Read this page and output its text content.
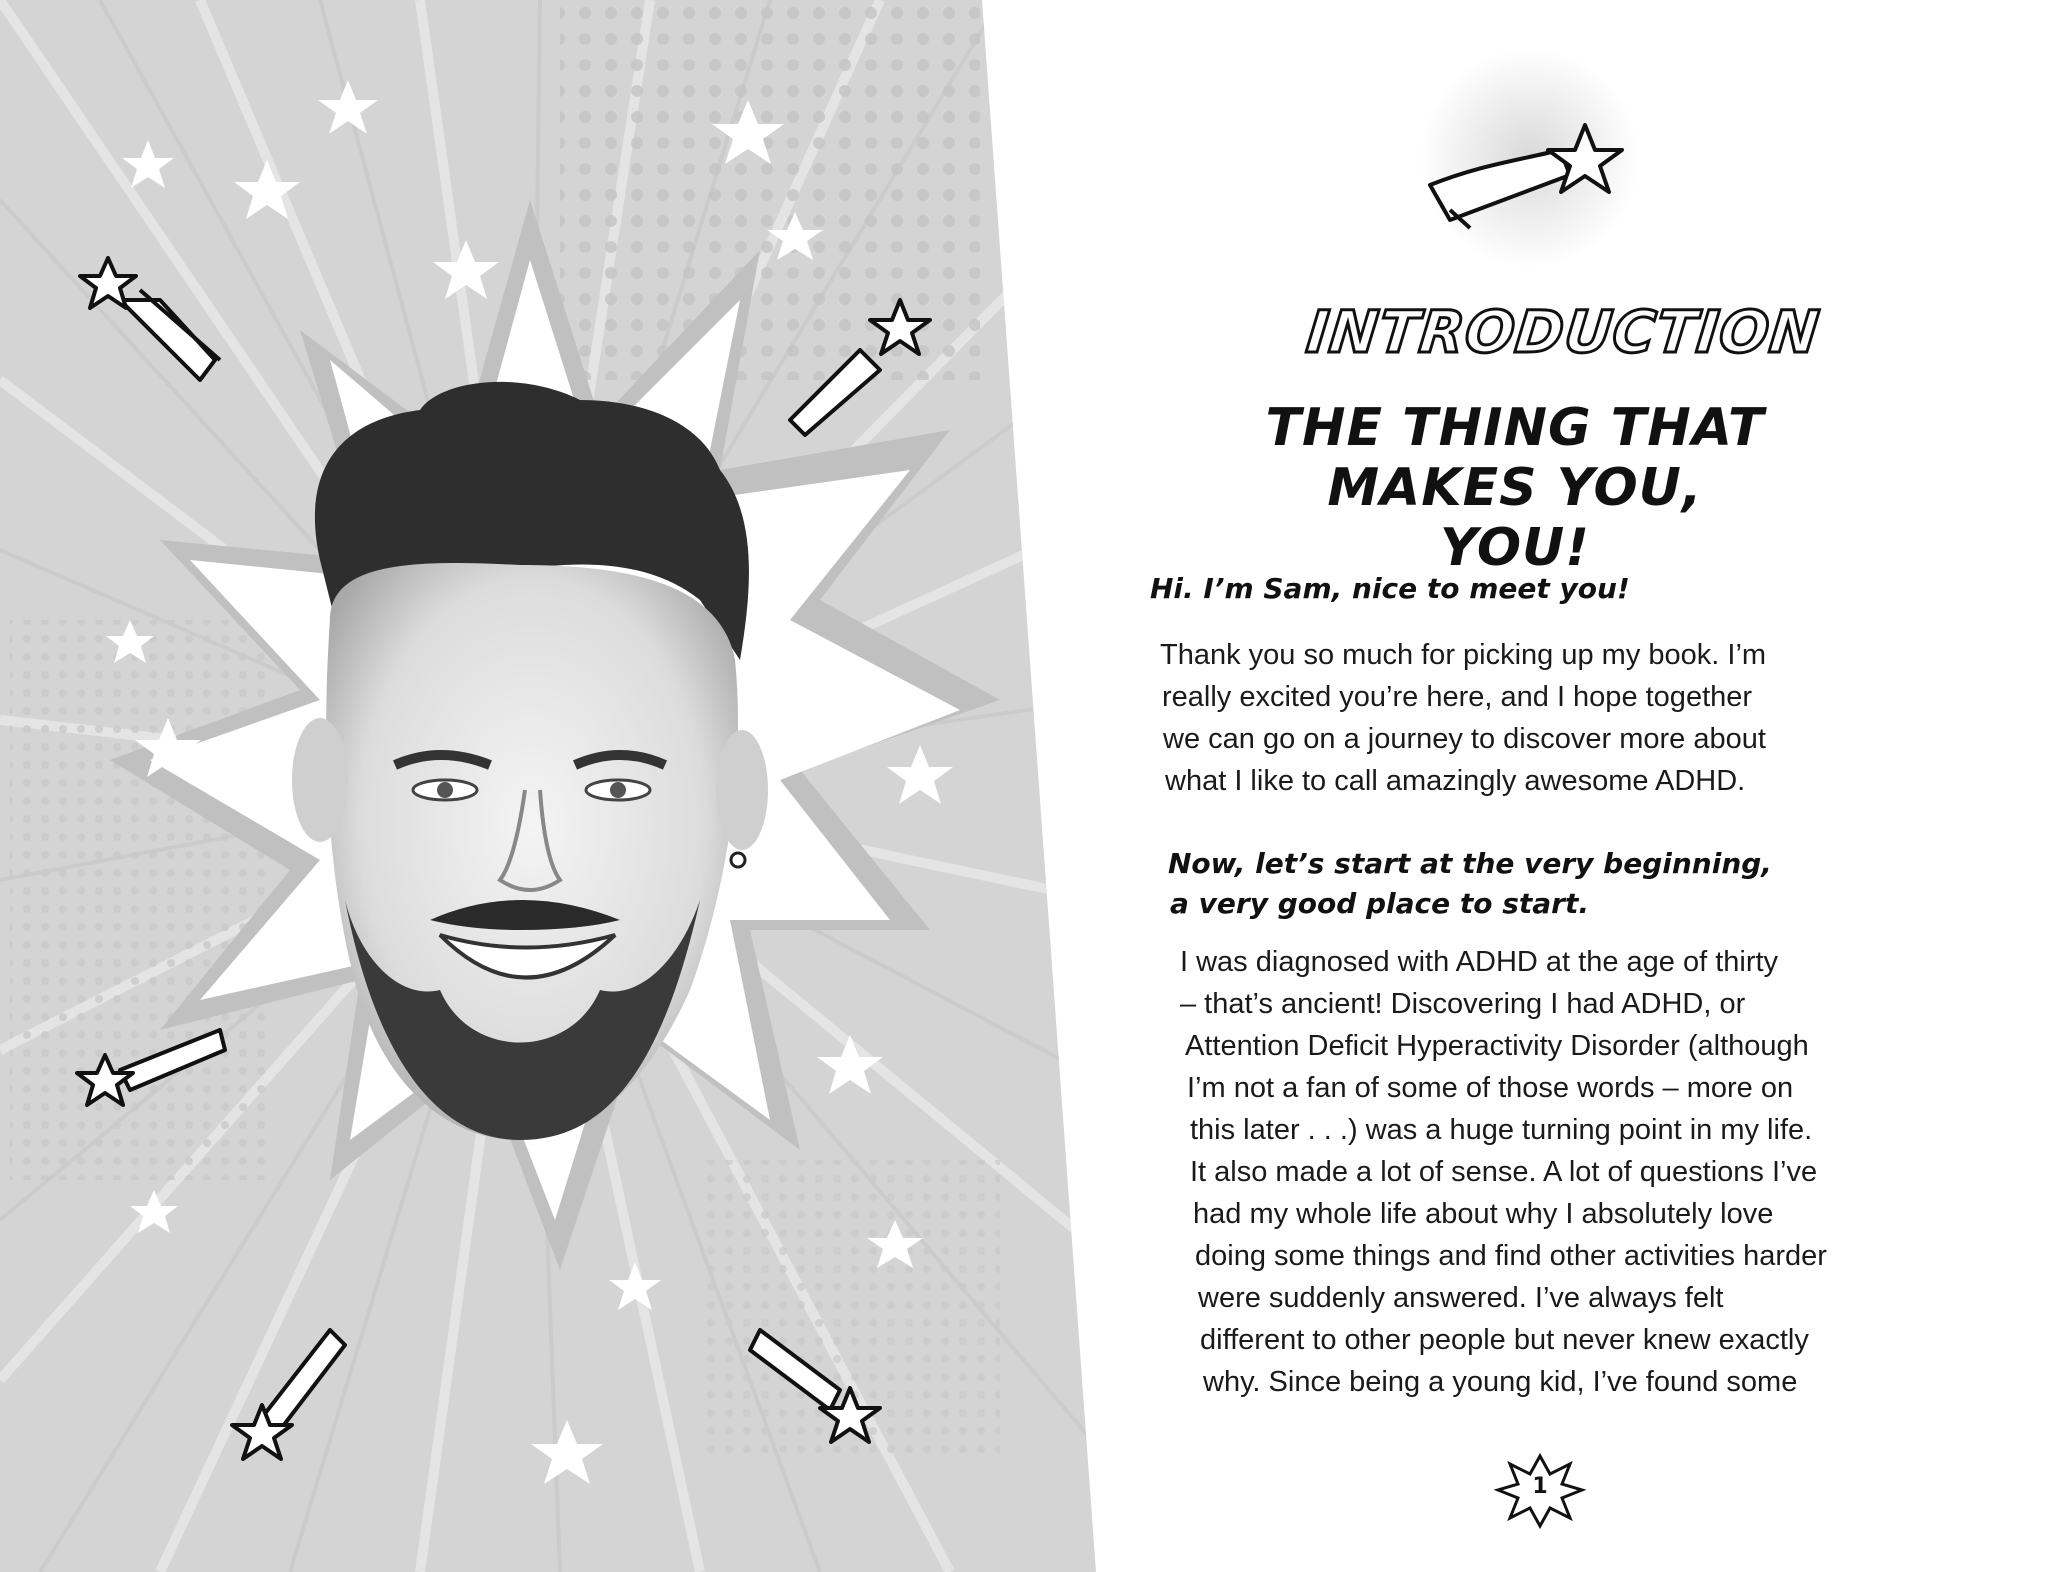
INTRODUCTION
THE THING THAT
MAKES YOU, YOU!
Hi. I’m Sam, nice to meet you!
Thank you so much for picking up my book. I’m
really excited you’re here, and I hope together
we can go on a journey to discover more about
what I like to call amazingly awesome ADHD.
Now, let’s start at the very beginning,
a very good place to start.
I was diagnosed with ADHD at the age of thirty
– that’s ancient! Discovering I had ADHD, or
Attention Deficit Hyperactivity Disorder (although
I’m not a fan of some of those words – more on
this later . . .) was a huge turning point in my life.
It also made a lot of sense. A lot of questions I’ve
had my whole life about why I absolutely love
doing some things and find other activities harder
were suddenly answered. I’ve always felt
different to other people but never knew exactly
why. Since being a young kid, I’ve found some
1
